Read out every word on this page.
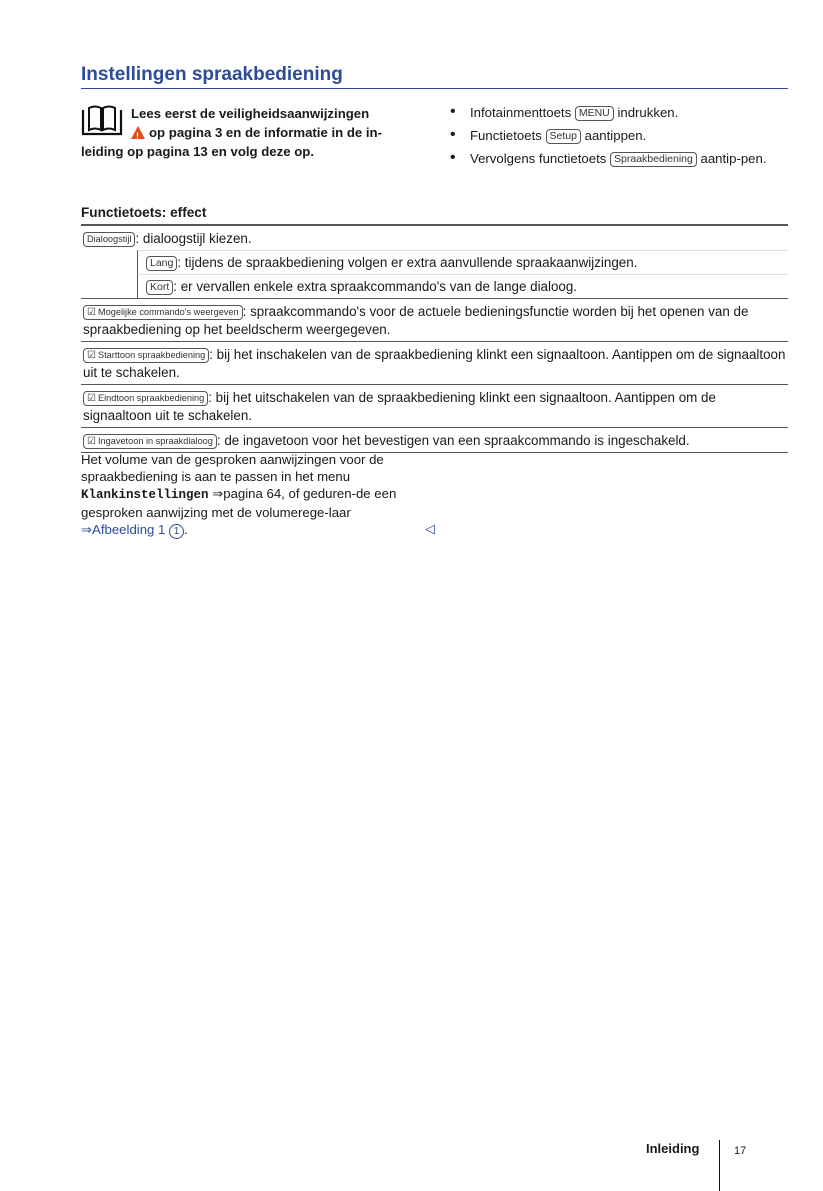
Instellingen spraakbediening
Lees eerst de veiligheidsaanwijzingen
!op pagina 3 en de informatie in de in-
leiding op pagina 13 en volg deze op.
• Infotainmenttoets MENU indrukken.
• Functietoets Setup aantippen.
• Vervolgens functietoets Spraakbediening aantip-pen.
Functietoets: effect
Dialoogstijl : dialoogstijl kiezen.
Lang : tijdens de spraakbediening volgen er extra aanvullende spraakaanwijzingen.
Kort : er vervallen enkele extra spraakcommando's van de lange dialoog.
☑ Mogelijke commando's weergeven : spraakcommando's voor de actuele bedieningsfunctie worden bij het openen van de spraakbediening op het beeldscherm weergegeven.
☑ Starttoon spraakbediening : bij het inschakelen van de spraakbediening klinkt een signaaltoon. Aantippen om de signaaltoon uit te schakelen.
☑ Eindtoon spraakbediening : bij het uitschakelen van de spraakbediening klinkt een signaaltoon. Aantippen om de signaaltoon uit te schakelen.
☑ Ingavetoon in spraakdialoog : de ingavetoon voor het bevestigen van een spraakcommando is ingeschakeld.
Het volume van de gesproken aanwijzingen voor de spraakbediening is aan te passen in het menu Klankinstellingen ⇒pagina 64, of geduren-de een gesproken aanwijzing met de volumerege-laar ⇒Afbeelding 1 1 .	◁
Inleiding	17
